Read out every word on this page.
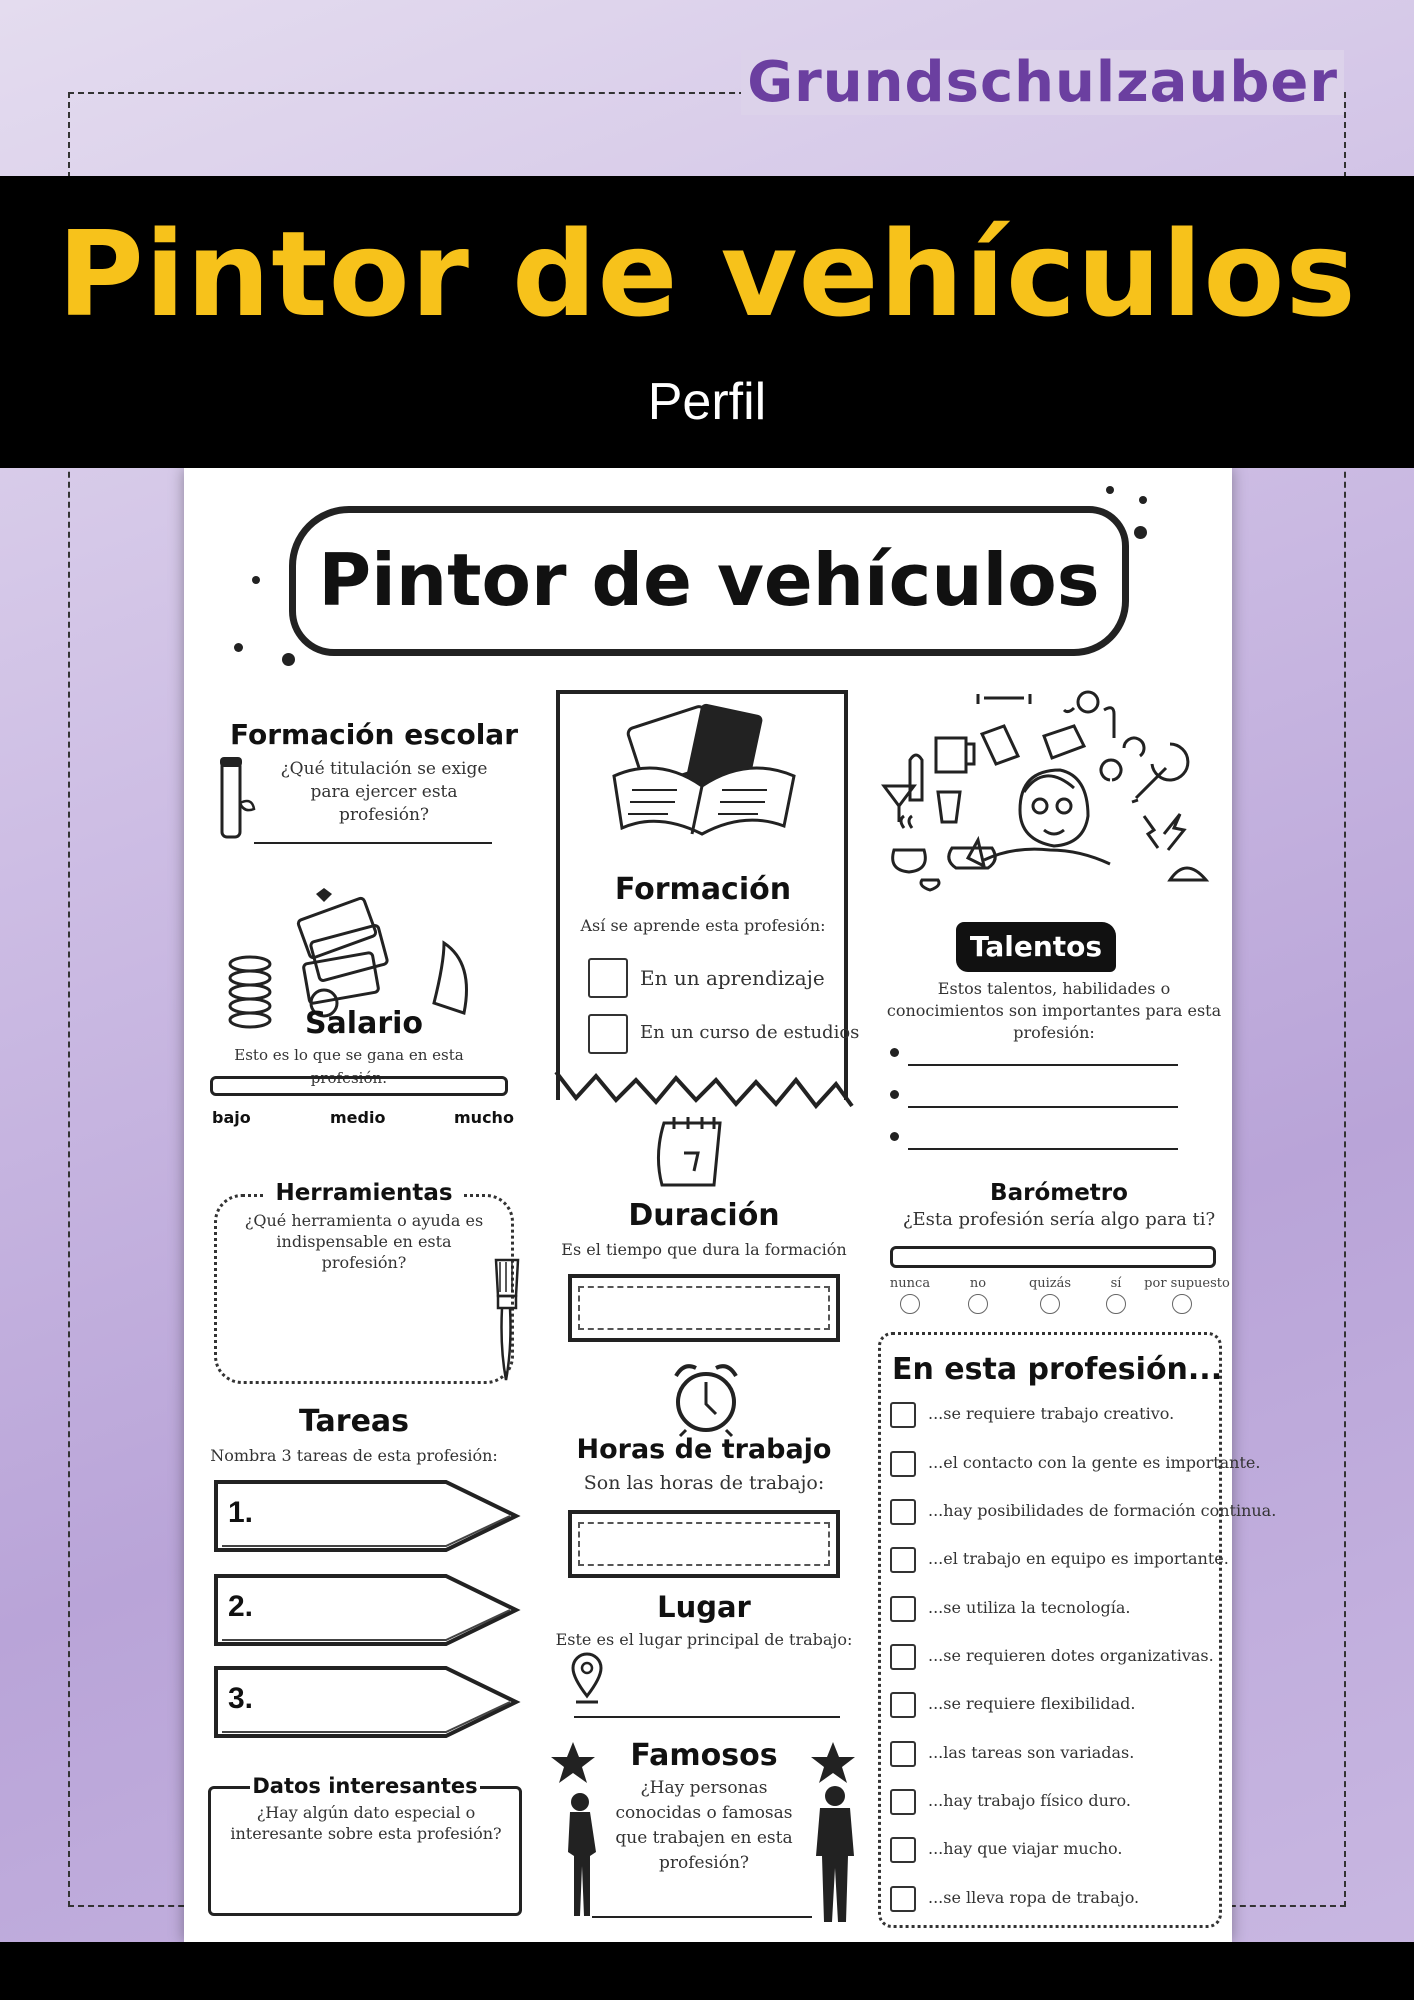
Grundschulzauber
Pintor de vehículos
Perfil
Pintor de vehículos
Formación escolar
¿Qué titulación se exige para ejercer esta profesión?
Salario
Esto es lo que se gana en esta profesión:
bajo	medio	mucho
Herramientas
¿Qué herramienta o ayuda es indispensable en esta profesión?
Tareas
Nombra 3 tareas de esta profesión:
1.
2.
3.
Datos interesantes
¿Hay algún dato especial o interesante sobre esta profesión?
Formación
Así se aprende esta profesión:
En un aprendizaje
En un curso de estudios
Duración
Es el tiempo que dura la formación
Horas de trabajo
Son las horas de trabajo:
Lugar
Este es el lugar principal de trabajo:
Famosos
¿Hay personas conocidas o famosas que trabajen en esta profesión?
Talentos
Estos talentos, habilidades o conocimientos son importantes para esta profesión:
Barómetro
¿Esta profesión sería algo para ti?
nunca	no	quizás	sí	por supuesto
En esta profesión...
...se requiere trabajo creativo.
...el contacto con la gente es importante.
...hay posibilidades de formación continua.
...el trabajo en equipo es importante.
...se utiliza la tecnología.
...se requieren dotes organizativas.
...se requiere flexibilidad.
...las tareas son variadas.
...hay trabajo físico duro.
...hay que viajar mucho.
...se lleva ropa de trabajo.
